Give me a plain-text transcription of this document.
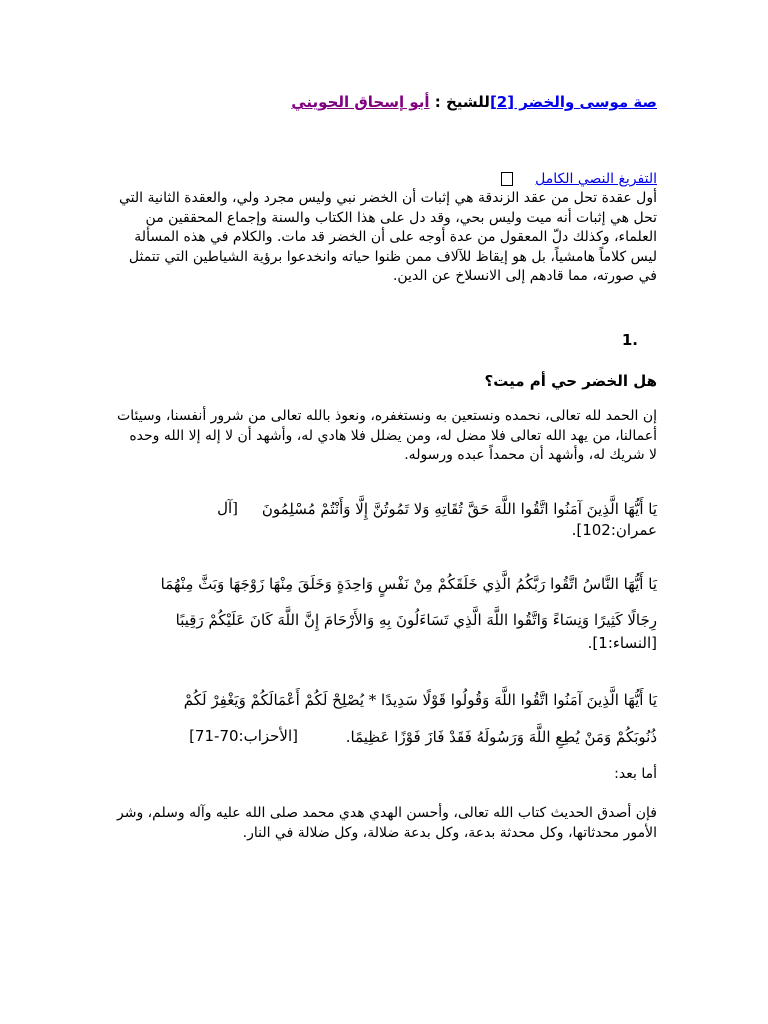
صة موسى والخضر [2]للشيخ : أبو إسحاق الحويني
التفريغ النصي الكامل
أول عقدة تحل من عقد الزندقة هي إثبات أن الخضر نبي وليس مجرد ولي، والعقدة الثانية التي تحل هي إثبات أنه ميت وليس بحي، وقد دل على هذا الكتاب والسنة وإجماع المحققين من العلماء، وكذلك دلّ المعقول من عدة أوجه على أن الخضر قد مات. والكلام في هذه المسألة ليس كلاماً هامشياً، بل هو إيقاظ للآلاف ممن ظنوا حياته وانخدعوا برؤية الشياطين التي تتمثل في صورته، مما قادهم إلى الانسلاخ عن الدين.
1.
هل الخضر حي أم ميت؟
إن الحمد لله تعالى، نحمده ونستعين به ونستغفره، ونعوذ بالله تعالى من شرور أنفسنا، وسيئات أعمالنا، من يهد الله تعالى فلا مضل له، ومن يضلل فلا هادي له، وأشهد أن لا إله إلا الله وحده لا شريك له، وأشهد أن محمداً عبده ورسوله.
يَا أَيُّهَا الَّذِينَ آمَنُوا اتَّقُوا اللَّهَ حَقَّ تُقَاتِهِ وَلا تَمُوتُنَّ إِلَّا وَأَنْتُمْ مُسْلِمُونَ
[آل
عمران:102].
يَا أَيُّهَا النَّاسُ اتَّقُوا رَبَّكُمُ الَّذِي خَلَقَكُمْ مِنْ نَفْسٍ وَاحِدَةٍ وَخَلَقَ مِنْهَا زَوْجَهَا وَبَثَّ مِنْهُمَا
رِجَالًا كَثِيرًا وَنِسَاءً وَاتَّقُوا اللَّهَ الَّذِي تَسَاءَلُونَ بِهِ وَالأَرْحَامَ إِنَّ اللَّهَ كَانَ عَلَيْكُمْ رَقِيبًا
[النساء:1].
يَا أَيُّهَا الَّذِينَ آمَنُوا اتَّقُوا اللَّهَ وَقُولُوا قَوْلًا سَدِيدًا * يُصْلِحْ لَكُمْ أَعْمَالَكُمْ وَيَغْفِرْ لَكُمْ
ذُنُوبَكُمْ وَمَنْ يُطِعِ اللَّهَ وَرَسُولَهُ فَقَدْ فَازَ فَوْزًا عَظِيمًا.
[الأحزاب:70-71]
أما بعد:
فإن أصدق الحديث كتاب الله تعالى، وأحسن الهدي هدي محمد صلى الله عليه وآله وسلم، وشر الأمور محدثاتها، وكل محدثة بدعة، وكل بدعة ضلالة، وكل ضلالة في النار.
